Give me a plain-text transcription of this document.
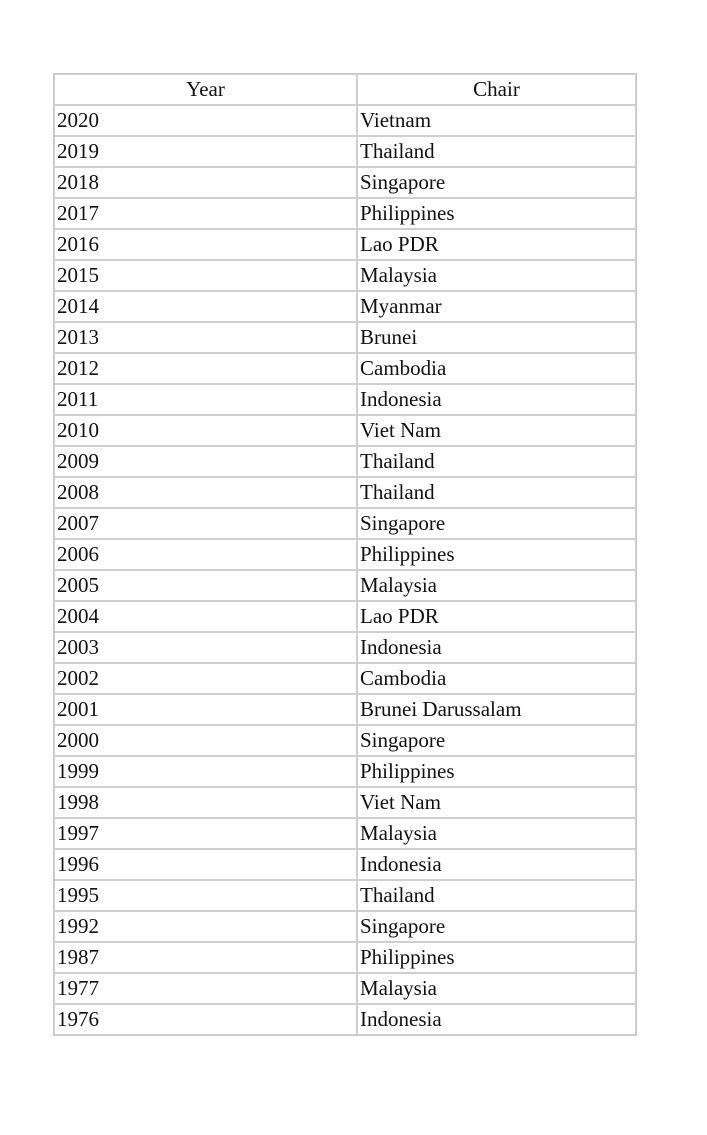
Year	Chair
2020	Vietnam
2019	Thailand
2018	Singapore
2017	Philippines
2016	Lao PDR
2015	Malaysia
2014	Myanmar
2013	Brunei
2012	Cambodia
2011	Indonesia
2010	Viet Nam
2009	Thailand
2008	Thailand
2007	Singapore
2006	Philippines
2005	Malaysia
2004	Lao PDR
2003	Indonesia
2002	Cambodia
2001	Brunei Darussalam
2000	Singapore
1999	Philippines
1998	Viet Nam
1997	Malaysia
1996	Indonesia
1995	Thailand
1992	Singapore
1987	Philippines
1977	Malaysia
1976	Indonesia
